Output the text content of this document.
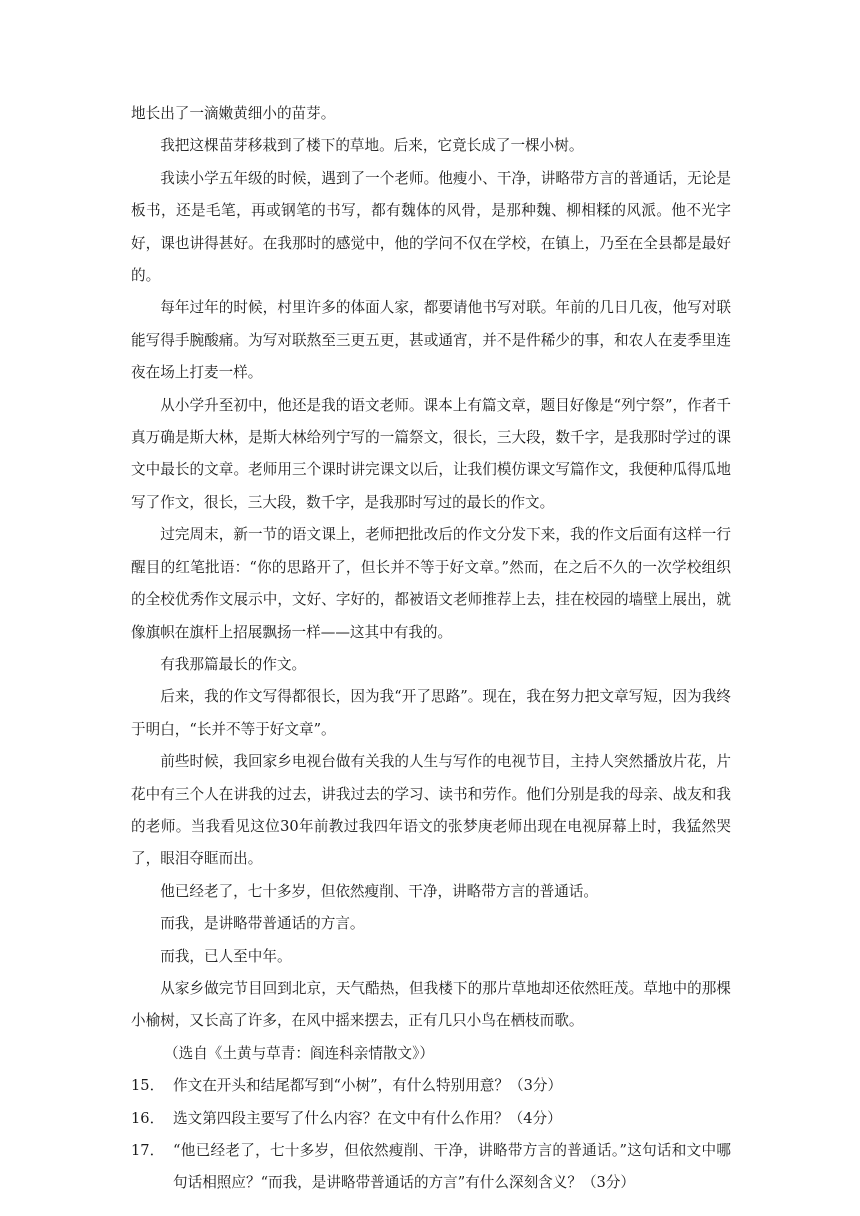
地长出了一滴嫩黄细小的苗芽。

我把这棵苗芽移栽到了楼下的草地。后来，它竟长成了一棵小树。

我读小学五年级的时候，遇到了一个老师。他瘦小、干净，讲略带方言的普通话，无论是板书，还是毛笔，再或钢笔的书写，都有魏体的风骨，是那种魏、柳相糅的风派。他不光字好，课也讲得甚好。在我那时的感觉中，他的学问不仅在学校，在镇上，乃至在全县都是最好的。

每年过年的时候，村里许多的体面人家，都要请他书写对联。年前的几日几夜，他写对联能写得手腕酸痛。为写对联熬至三更五更，甚或通宵，并不是件稀少的事，和农人在麦季里连夜在场上打麦一样。

从小学升至初中，他还是我的语文老师。课本上有篇文章，题目好像是“列宁祭”，作者千真万确是斯大林，是斯大林给列宁写的一篇祭文，很长，三大段，数千字，是我那时学过的课文中最长的文章。老师用三个课时讲完课文以后，让我们模仿课文写篇作文，我便种瓜得瓜地写了作文，很长，三大段，数千字，是我那时写过的最长的作文。

过完周末，新一节的语文课上，老师把批改后的作文分发下来，我的作文后面有这样一行醒目的红笔批语：“你的思路开了，但长并不等于好文章。”然而，在之后不久的一次学校组织的全校优秀作文展示中，文好、字好的，都被语文老师推荐上去，挂在校园的墙壁上展出，就像旗帜在旗杆上招展飘扬一样——这其中有我的。

有我那篇最长的作文。

后来，我的作文写得都很长，因为我“开了思路”。现在，我在努力把文章写短，因为我终于明白，“长并不等于好文章”。

前些时候，我回家乡电视台做有关我的人生与写作的电视节目，主持人突然播放片花，片花中有三个人在讲我的过去，讲我过去的学习、读书和劳作。他们分别是我的母亲、战友和我的老师。当我看见这位30年前教过我四年语文的张梦庚老师出现在电视屏幕上时，我猛然哭了，眼泪夺眶而出。

他已经老了，七十多岁，但依然瘦削、干净，讲略带方言的普通话。

而我，是讲略带普通话的方言。

而我，已人至中年。

从家乡做完节目回到北京，天气酷热，但我楼下的那片草地却还依然旺茂。草地中的那棵小榆树，又长高了许多，在风中摇来摆去，正有几只小鸟在栖枝而歌。

（选自《土黄与草青：阎连科亲情散文》）

15． 作文在开头和结尾都写到“小树”，有什么特别用意？（3分）
16． 选文第四段主要写了什么内容？在文中有什么作用？（4分）
17． “他已经老了，七十多岁，但依然瘦削、干净，讲略带方言的普通话。”这句话和文中哪句话相照应？“而我，是讲略带普通话的方言”有什么深刻含义？（3分）
